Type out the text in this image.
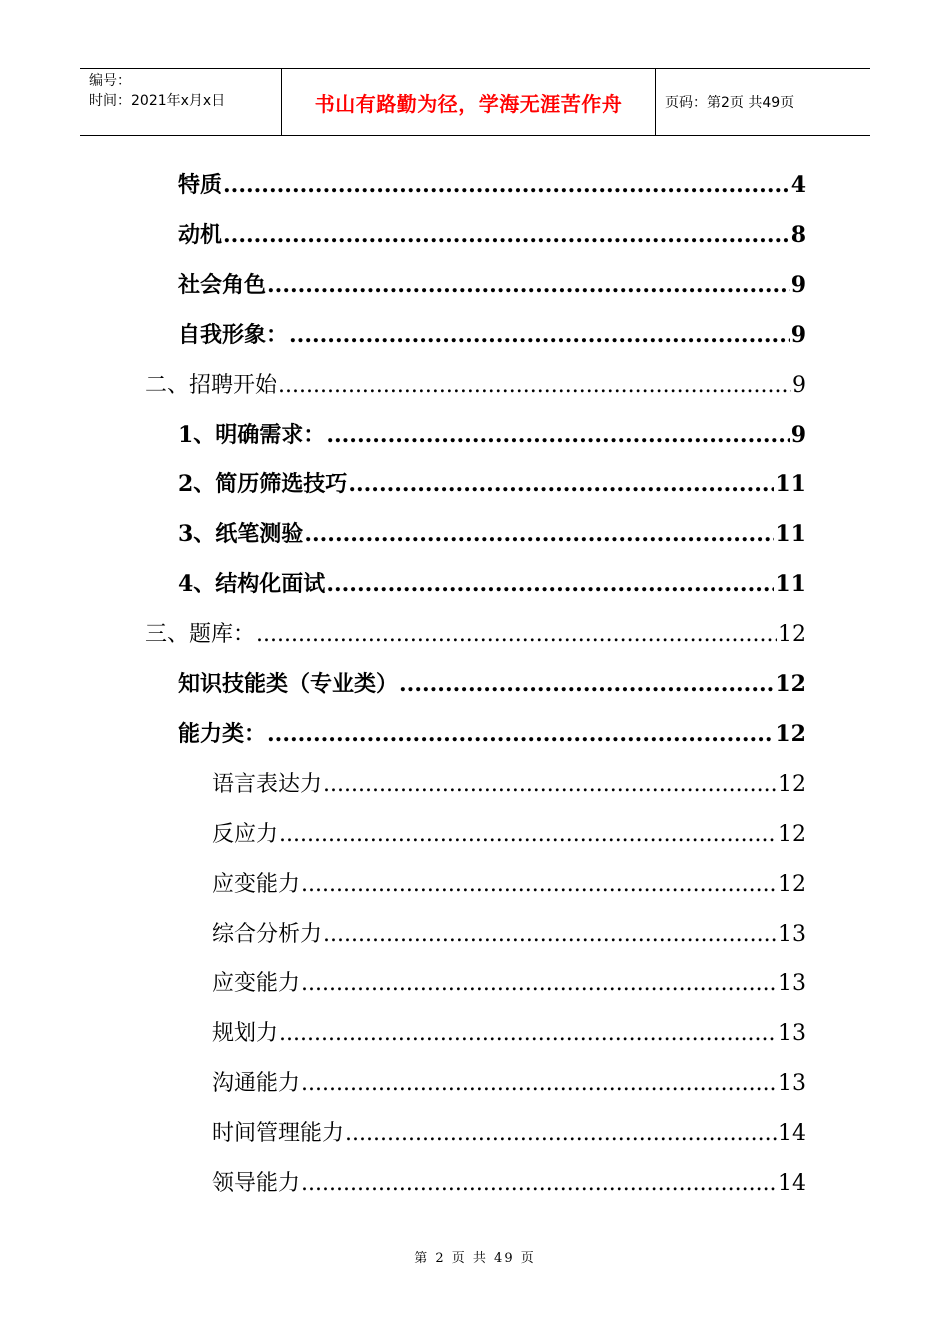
编号：
时间：2021年x月x日	书山有路勤为径，学海无涯苦作舟	页码：第2页 共49页
特质 .....	4
动机 .....	8
社会角色 .....	9
自我形象： .....	9
二、招聘开始 .....	9
1、明确需求： .....	9
2、简历筛选技巧 .....	11
3、纸笔测验 .....	11
4、结构化面试 .....	11
三、题库： .....	12
知识技能类（专业类） .....	12
能力类： .....	12
语言表达力 .....	12
反应力 .....	12
应变能力 .....	12
综合分析力 .....	13
应变能力 .....	13
规划力 .....	13
沟通能力 .....	13
时间管理能力 .....	14
领导能力 .....	14
第 2 页 共 49 页
